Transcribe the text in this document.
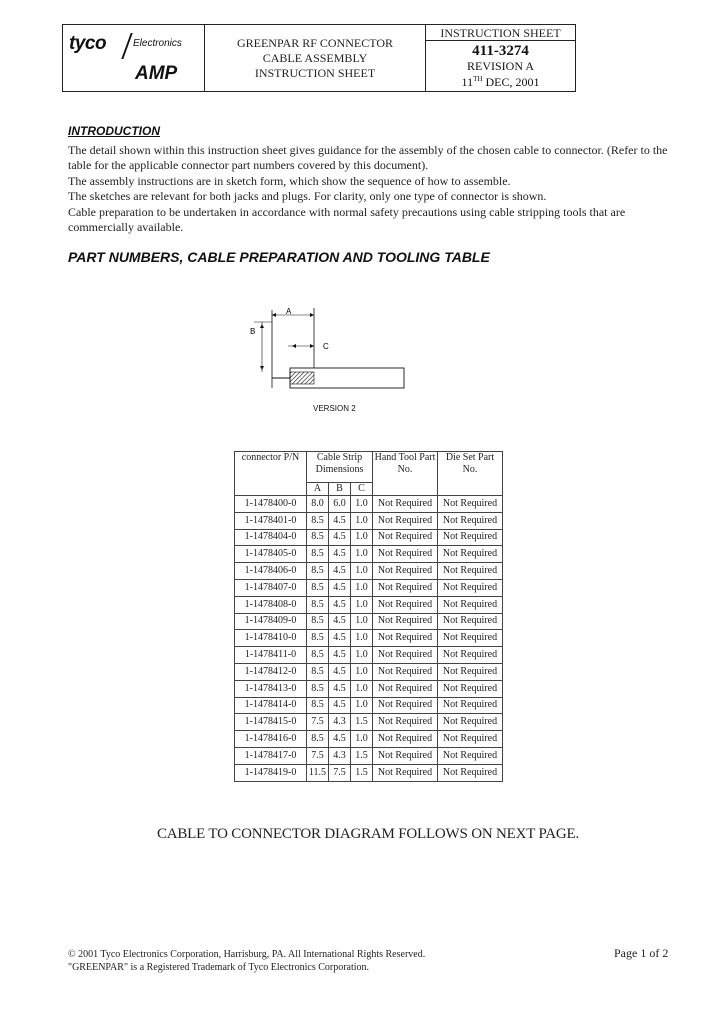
tyco	Electronics
AMP
GREENPAR RF CONNECTOR
CABLE ASSEMBLY
INSTRUCTION SHEET
INSTRUCTION SHEET
411-3274
REVISION A
11TH DEC, 2001
INTRODUCTION

The detail shown within this instruction sheet gives guidance for the assembly of the chosen cable to connector. (Refer to the table for the applicable connector part numbers covered by this document).

The assembly instructions are in sketch form, which show the sequence of how to assemble.

The sketches are relevant for both jacks and plugs. For clarity, only one type of connector is shown.

Cable preparation to be undertaken in accordance with normal safety precautions using cable stripping tools that are commercially available.

PART NUMBERS, CABLE PREPARATION AND TOOLING TABLE
A
B
C
VERSION 2
connector P/N	Cable Strip Dimensions			Hand Tool Part No.	Die Set Part No.
	A	B	C		
1-1478400-0	8.0	6.0	1.0	Not Required	Not Required
1-1478401-0	8.5	4.5	1.0	Not Required	Not Required
1-1478404-0	8.5	4.5	1.0	Not Required	Not Required
1-1478405-0	8.5	4.5	1.0	Not Required	Not Required
1-1478406-0	8.5	4.5	1.0	Not Required	Not Required
1-1478407-0	8.5	4.5	1.0	Not Required	Not Required
1-1478408-0	8.5	4.5	1.0	Not Required	Not Required
1-1478409-0	8.5	4.5	1.0	Not Required	Not Required
1-1478410-0	8.5	4.5	1.0	Not Required	Not Required
1-1478411-0	8.5	4.5	1.0	Not Required	Not Required
1-1478412-0	8.5	4.5	1.0	Not Required	Not Required
1-1478413-0	8.5	4.5	1.0	Not Required	Not Required
1-1478414-0	8.5	4.5	1.0	Not Required	Not Required
1-1478415-0	7.5	4.3	1.5	Not Required	Not Required
1-1478416-0	8.5	4.5	1.0	Not Required	Not Required
1-1478417-0	7.5	4.3	1.5	Not Required	Not Required
1-1478419-0	11.5	7.5	1.5	Not Required	Not Required
CABLE TO CONNECTOR DIAGRAM FOLLOWS ON NEXT PAGE.
© 2001 Tyco Electronics Corporation, Harrisburg, PA. All International Rights Reserved.
"GREENPAR" is a Registered Trademark of Tyco Electronics Corporation.
Page 1 of 2
